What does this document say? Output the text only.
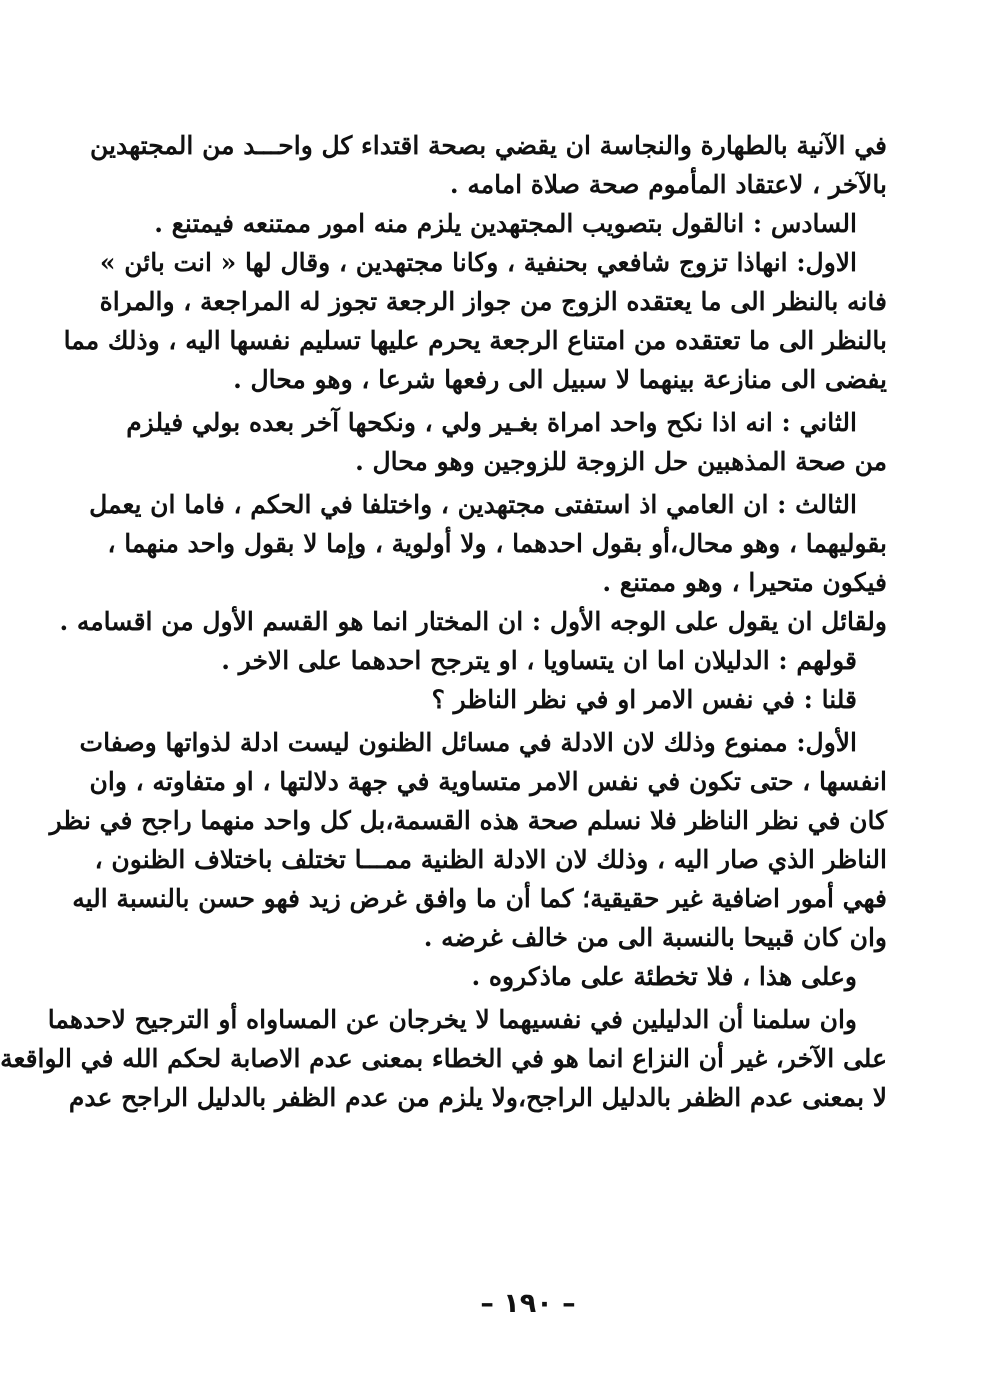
في الآنية بالطهارة والنجاسة ان يقضي بصحة اقتداء كل واحـــد من المجتهدين

بالآخر ، لاعتقاد المأموم صحة صلاة امامه .

السادس : انالقول بتصويب المجتهدين يلزم منه امور ممتنعه فيمتنع .

الاول: انهاذا تزوج شافعي بحنفية ، وكانا مجتهدين ، وقال لها « انت بائن »

فانه بالنظر الى ما يعتقده الزوج من جواز الرجعة تجوز له المراجعة ، والمراة

بالنظر الى ما تعتقده من امتناع الرجعة يحرم عليها تسليم نفسها اليه ، وذلك مما

يفضى الى منازعة بينهما لا سبيل الى رفعها شرعا ، وهو محال .

الثاني : انه اذا نكح واحد امراة بغـير ولي ، ونكحها آخر بعده بولي فيلزم

من صحة المذهبين حل الزوجة للزوجين وهو محال .

الثالث : ان العامي اذ استفتى مجتهدين ، واختلفا في الحكم ، فاما ان يعمل

بقوليهما ، وهو محال،أو بقول احدهما ، ولا أولوية ، وإما لا بقول واحد منهما ،

فيكون متحيرا ، وهو ممتنع .

ولقائل ان يقول على الوجه الأول : ان المختار انما هو القسم الأول من اقسامه .

قولهم : الدليلان اما ان يتساويا ، او يترجح احدهما على الاخر .

قلنا : في نفس الامر او في نظر الناظر ؟

الأول: ممنوع وذلك لان الادلة في مسائل الظنون ليست ادلة لذواتها وصفات

انفسها ، حتى تكون في نفس الامر متساوية في جهة دلالتها ، او متفاوته ، وان

كان في نظر الناظر فلا نسلم صحة هذه القسمة،بل كل واحد منهما راجح في نظر

الناظر الذي صار اليه ، وذلك لان الادلة الظنية ممـــا تختلف باختلاف الظنون ،

فهي أمور اضافية غير حقيقية؛ كما أن ما وافق غرض زيد فهو حسن بالنسبة اليه

وان كان قبيحا بالنسبة الى من خالف غرضه .

وعلى هذا ، فلا تخطئة على ماذكروه .

وان سلمنا أن الدليلين في نفسيهما لا يخرجان عن المساواه أو الترجيح لاحدهما

على الآخر، غير أن النزاع انما هو في الخطاء بمعنى عدم الاصابة لحكم الله في الواقعة

لا بمعنى عدم الظفر بالدليل الراجح،ولا يلزم من عدم الظفر بالدليل الراجح عدم

– ١٩٠ –
